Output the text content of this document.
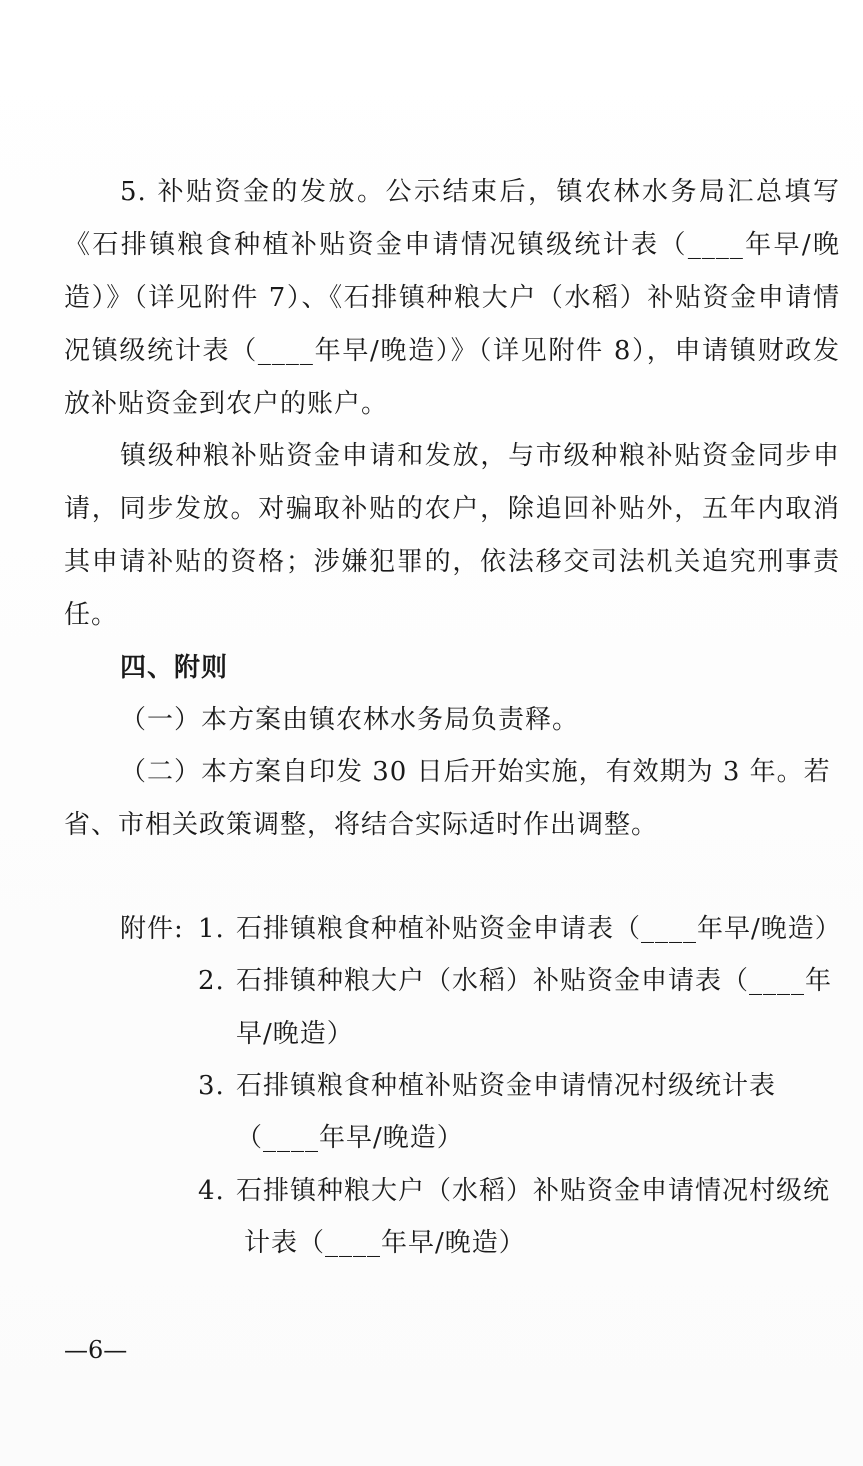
5. 补贴资金的发放。公示结束后，镇农林水务局汇总填写《石排镇粮食种植补贴资金申请情况镇级统计表（____年早/晚造）》（详见附件 7）、《石排镇种粮大户（水稻）补贴资金申请情况镇级统计表（____年早/晚造）》（详见附件 8），申请镇财政发放补贴资金到农户的账户。

镇级种粮补贴资金申请和发放，与市级种粮补贴资金同步申请，同步发放。对骗取补贴的农户，除追回补贴外，五年内取消其申请补贴的资格；涉嫌犯罪的，依法移交司法机关追究刑事责任。

四、附则

（一）本方案由镇农林水务局负责释。

（二）本方案自印发 30 日后开始实施，有效期为 3 年。若

省、市相关政策调整，将结合实际适时作出调整。

附件: 1. 石排镇粮食种植补贴资金申请表（____年早/晚造）
2. 石排镇种粮大户（水稻）补贴资金申请表（____年
早/晚造）
3. 石排镇粮食种植补贴资金申请情况村级统计表
（____年早/晚造）
4. 石排镇种粮大户（水稻）补贴资金申请情况村级统
计表（____年早/晚造）
—6—
